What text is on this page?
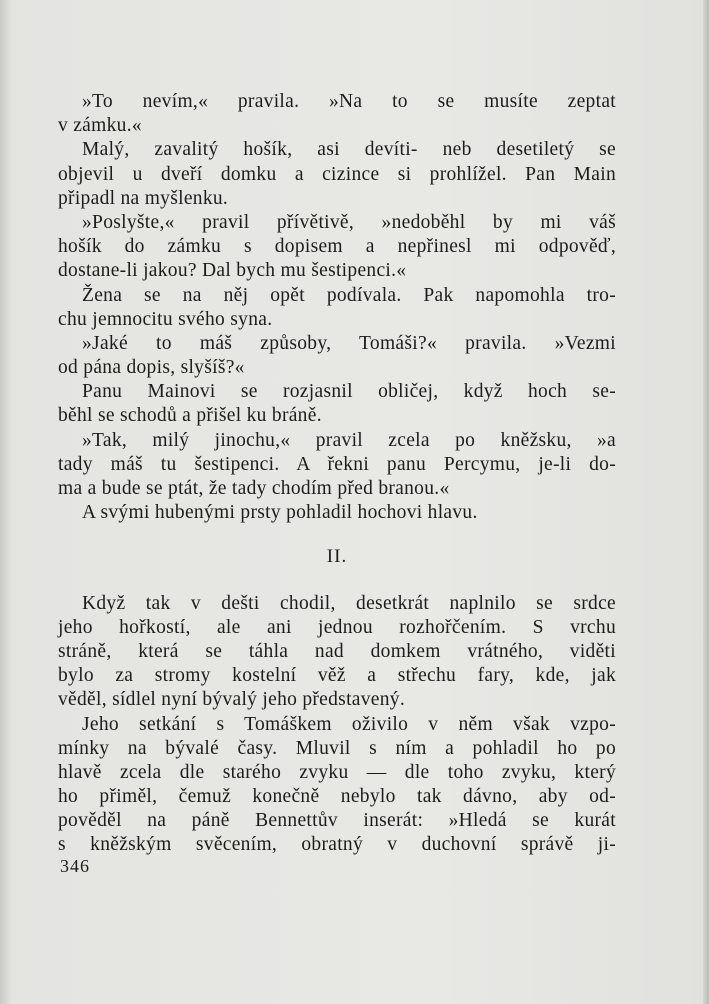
»To nevím,« pravila. »Na to se musíte zeptat
v zámku.«
Malý, zavalitý hošík, asi devíti- neb desetiletý se
objevil u dveří domku a cizince si prohlížel. Pan Main
připadl na myšlenku.
»Poslyšte,« pravil přívětivě, »nedoběhl by mi váš
hošík do zámku s dopisem a nepřinesl mi odpověď,
dostane-li jakou? Dal bych mu šestipenci.«
Žena se na něj opět podívala. Pak napomohla tro-
chu jemnocitu svého syna.
»Jaké to máš způsoby, Tomáši?« pravila. »Vezmi
od pána dopis, slyšíš?«
Panu Mainovi se rozjasnil obličej, když hoch se-
běhl se schodů a přišel ku bráně.
»Tak, milý jinochu,« pravil zcela po kněžsku, »a
tady máš tu šestipenci. A řekni panu Percymu, je-li do-
ma a bude se ptát, že tady chodím před branou.«
A svými hubenými prsty pohladil hochovi hlavu.
II.
Když tak v dešti chodil, desetkrát naplnilo se srdce
jeho hořkostí, ale ani jednou rozhořčením. S vrchu
stráně, která se táhla nad domkem vrátného, viděti
bylo za stromy kostelní věž a střechu fary, kde, jak
věděl, sídlel nyní bývalý jeho představený.
Jeho setkání s Tomáškem oživilo v něm však vzpo-
mínky na bývalé časy. Mluvil s ním a pohladil ho po
hlavě zcela dle starého zvyku — dle toho zvyku, který
ho přiměl, čemuž konečně nebylo tak dávno, aby od-
pověděl na páně Bennettův inserát: »Hledá se kurát
s kněžským svěcením, obratný v duchovní správě ji-
346
